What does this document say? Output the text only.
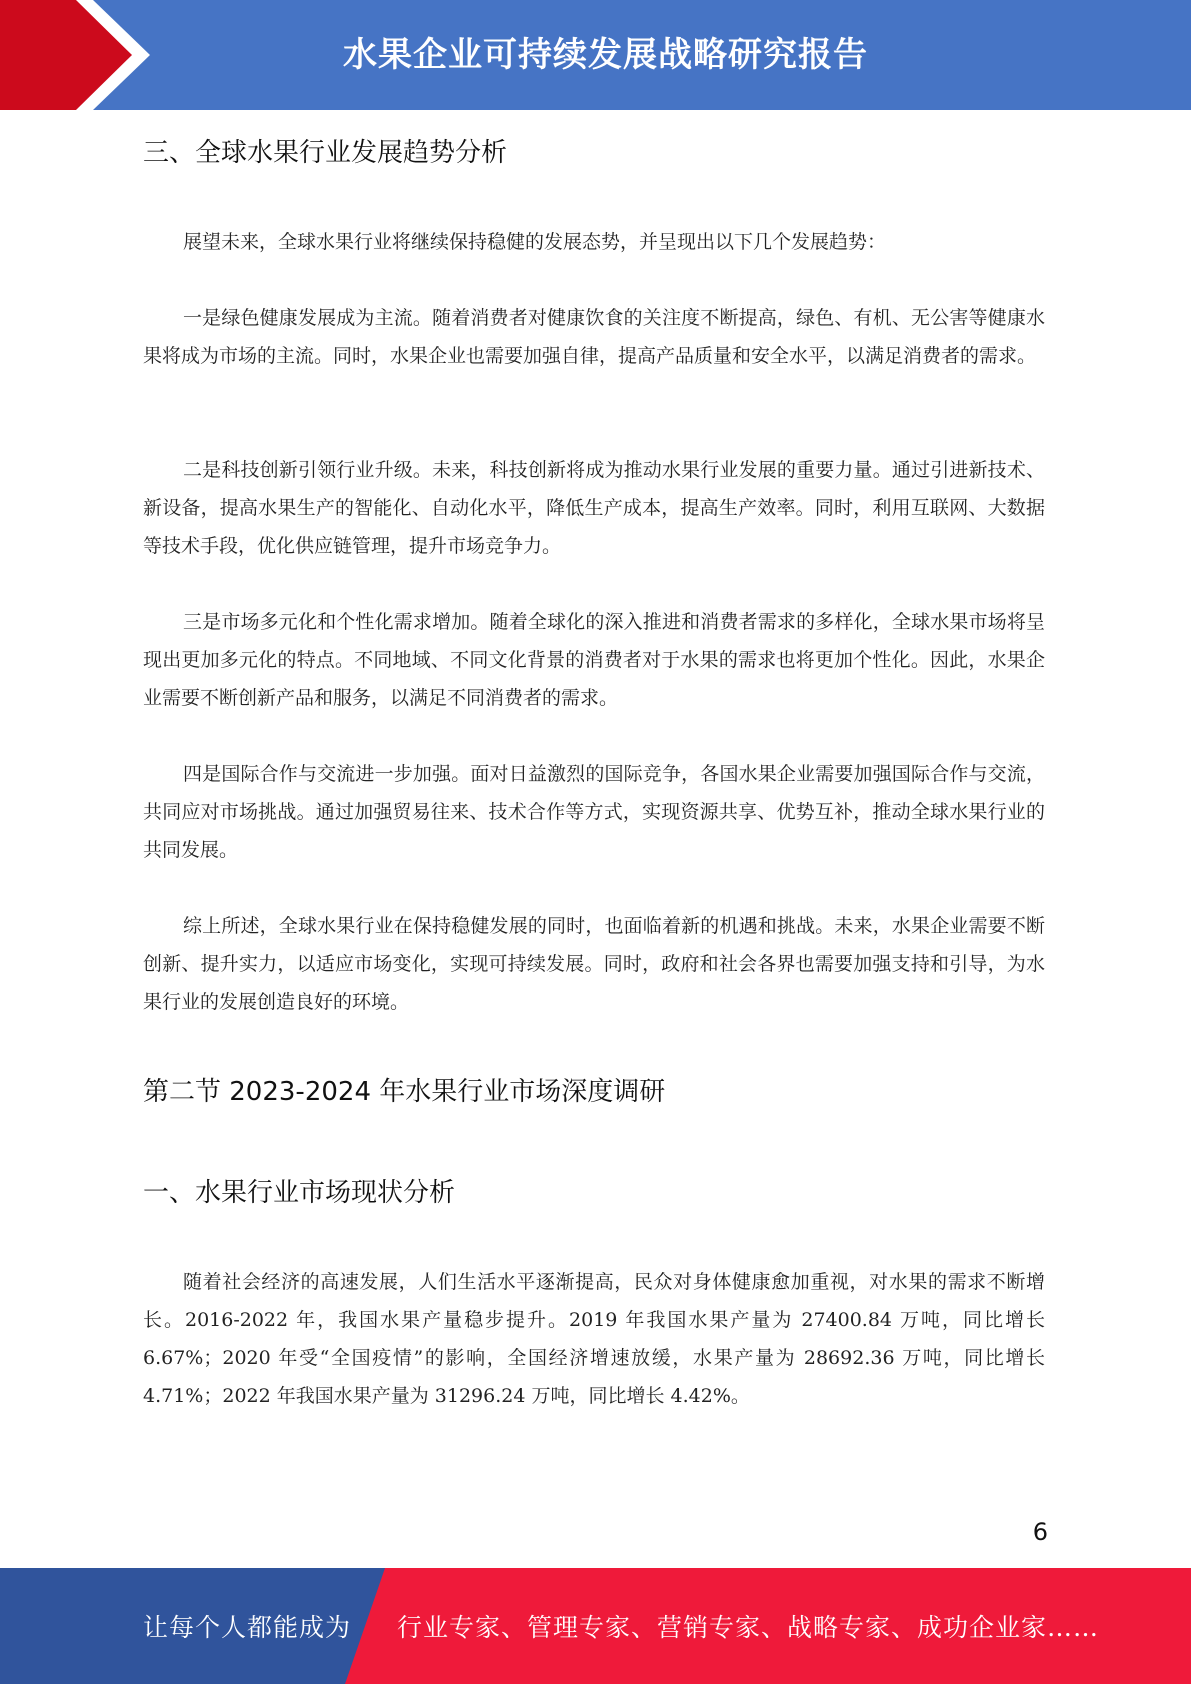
水果企业可持续发展战略研究报告
三、全球水果行业发展趋势分析

展望未来，全球水果行业将继续保持稳健的发展态势，并呈现出以下几个发展趋势：

一是绿色健康发展成为主流。随着消费者对健康饮食的关注度不断提高，绿色、有机、无公害等健康水果将成为市场的主流。同时，水果企业也需要加强自律，提高产品质量和安全水平，以满足消费者的需求。

二是科技创新引领行业升级。未来，科技创新将成为推动水果行业发展的重要力量。通过引进新技术、新设备，提高水果生产的智能化、自动化水平，降低生产成本，提高生产效率。同时，利用互联网、大数据等技术手段，优化供应链管理，提升市场竞争力。

三是市场多元化和个性化需求增加。随着全球化的深入推进和消费者需求的多样化，全球水果市场将呈现出更加多元化的特点。不同地域、不同文化背景的消费者对于水果的需求也将更加个性化。因此，水果企业需要不断创新产品和服务，以满足不同消费者的需求。

四是国际合作与交流进一步加强。面对日益激烈的国际竞争，各国水果企业需要加强国际合作与交流，共同应对市场挑战。通过加强贸易往来、技术合作等方式，实现资源共享、优势互补，推动全球水果行业的共同发展。

综上所述，全球水果行业在保持稳健发展的同时，也面临着新的机遇和挑战。未来，水果企业需要不断创新、提升实力，以适应市场变化，实现可持续发展。同时，政府和社会各界也需要加强支持和引导，为水果行业的发展创造良好的环境。

第二节 2023-2024 年水果行业市场深度调研
一、水果行业市场现状分析

随着社会经济的高速发展，人们生活水平逐渐提高，民众对身体健康愈加重视，对水果的需求不断增长。2016-2022 年，我国水果产量稳步提升。2019 年我国水果产量为 27400.84 万吨，同比增长 6.67%；2020 年受“全国疫情”的影响，全国经济增速放缓，水果产量为 28692.36 万吨，同比增长 4.71%；2022 年我国水果产量为 31296.24 万吨，同比增长 4.42%。

6
让每个人都能成为 行业专家、管理专家、营销专家、战略专家、成功企业家……
